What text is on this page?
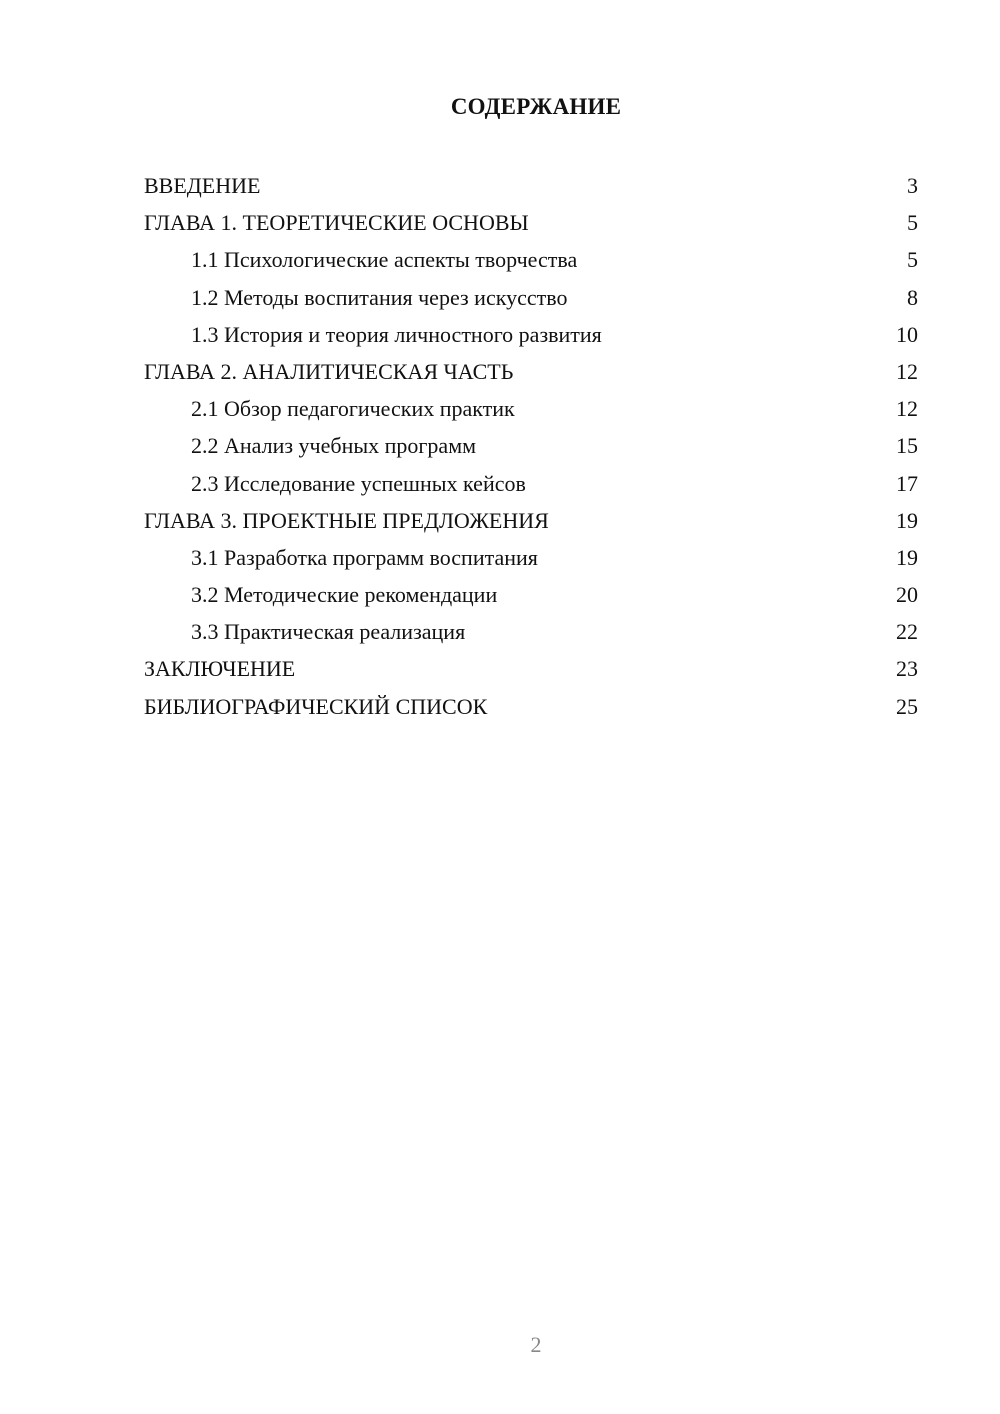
СОДЕРЖАНИЕ
ВВЕДЕНИЕ	3
ГЛАВА 1. ТЕОРЕТИЧЕСКИЕ ОСНОВЫ	5
1.1 Психологические аспекты творчества	5
1.2 Методы воспитания через искусство	8
1.3 История и теория личностного развития	10
ГЛАВА 2. АНАЛИТИЧЕСКАЯ ЧАСТЬ	12
2.1 Обзор педагогических практик	12
2.2 Анализ учебных программ	15
2.3 Исследование успешных кейсов	17
ГЛАВА 3. ПРОЕКТНЫЕ ПРЕДЛОЖЕНИЯ	19
3.1 Разработка программ воспитания	19
3.2 Методические рекомендации	20
3.3 Практическая реализация	22
ЗАКЛЮЧЕНИЕ	23
БИБЛИОГРАФИЧЕСКИЙ СПИСОК	25
2
